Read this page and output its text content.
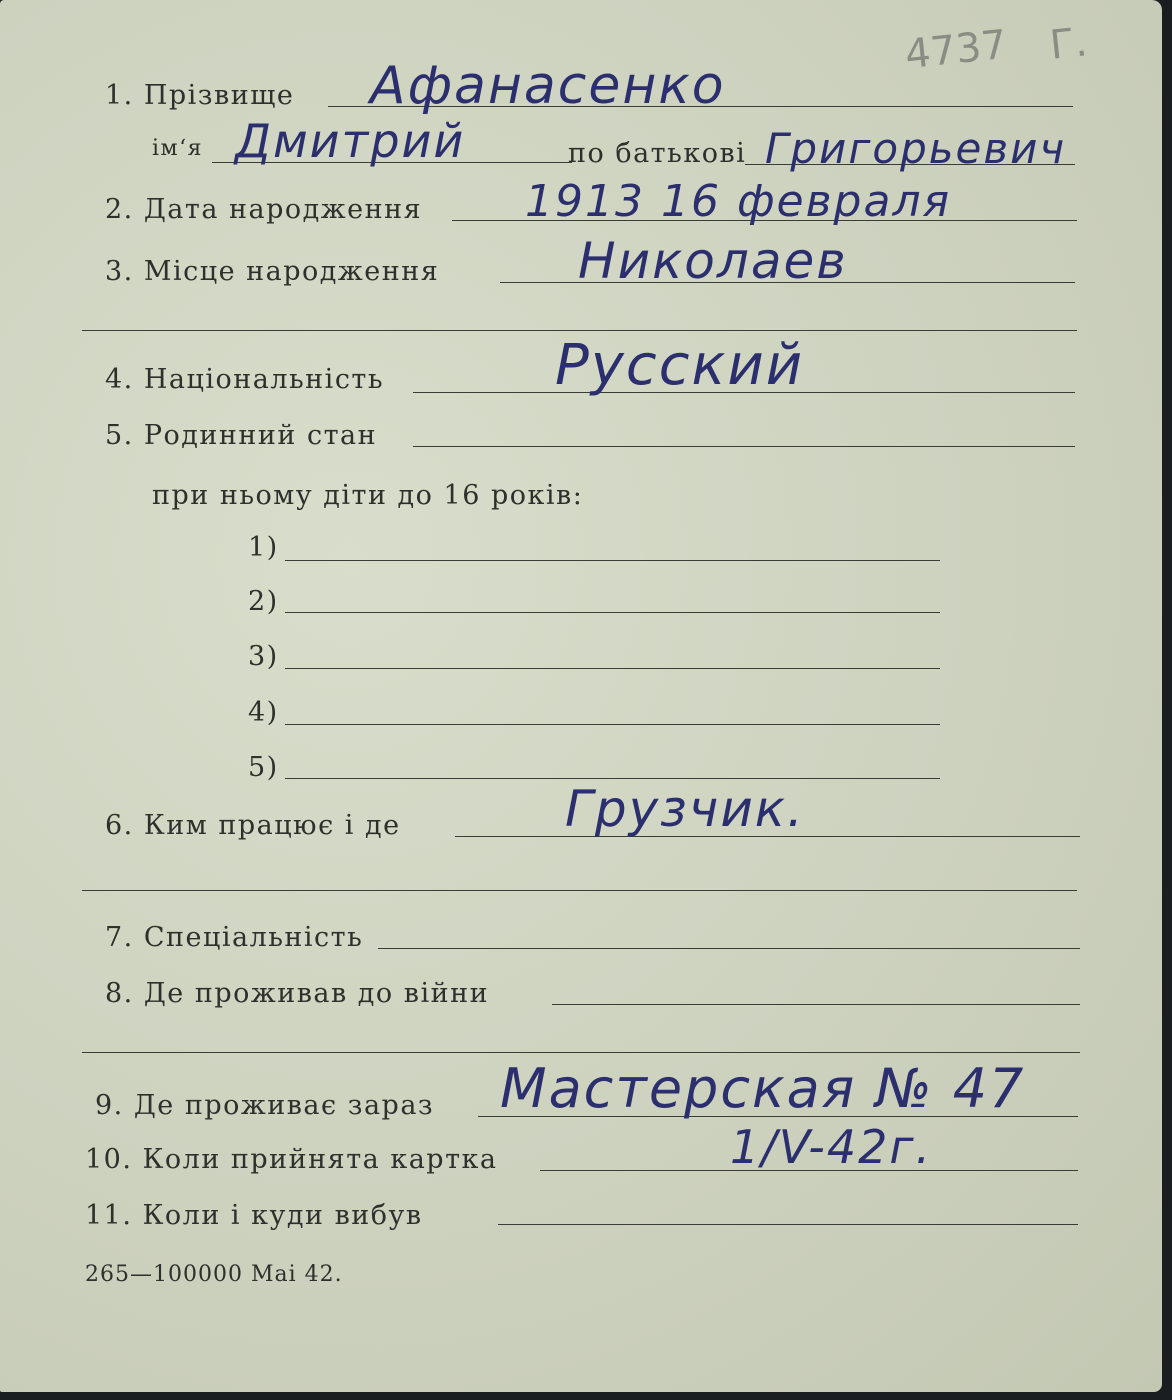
4737 Г.
1. Прізвище Афанасенко
ім‘я Дмитрий	по батькові Григорьевич
2. Дата народження 1913 16 февраля
3. Місце народження	Николаев
4. Національність	Русский
5. Родинний стан
при ньому діти до 16 років:
1)
2)
3)
4)
5)
6. Ким працює і де	Грузчик.
7. Спеціальність
8. Де проживав до війни
9. Де проживає зараз Мастерская № 47
10. Коли прийнята картка	1/V-42г.
11. Коли і куди вибув
265—100000 Mai 42.
